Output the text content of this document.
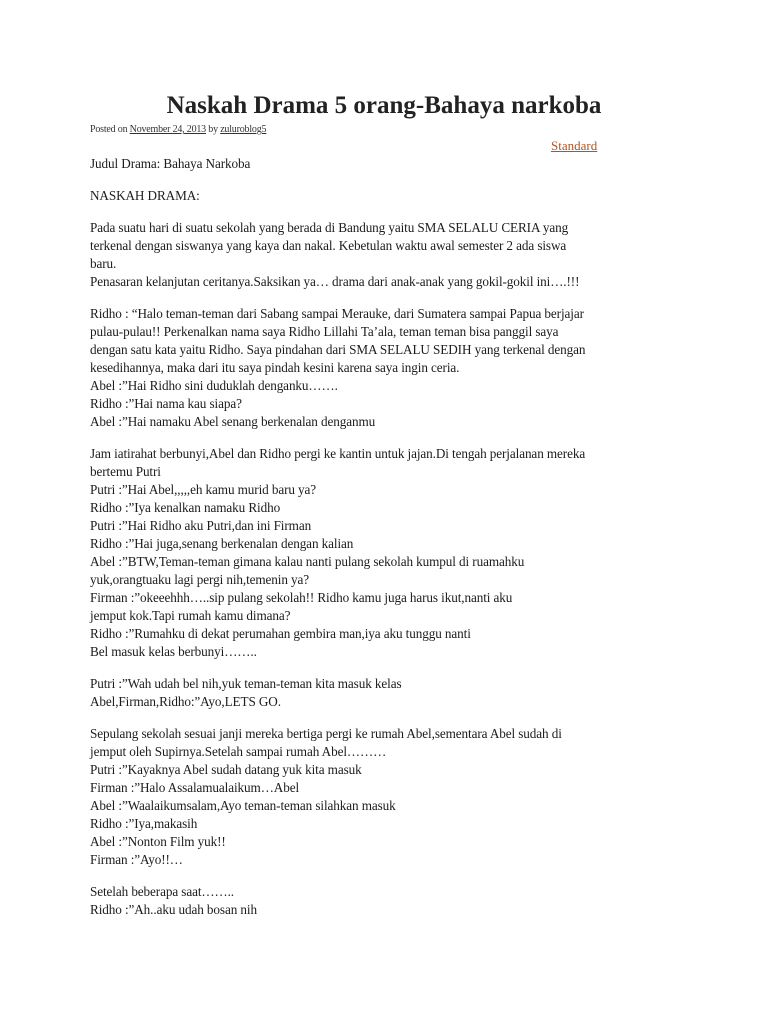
Naskah Drama 5 orang-Bahaya narkoba
Posted on November 24, 2013 by zuluroblog5
Standard

Judul Drama: Bahaya Narkoba

NASKAH DRAMA:

Pada suatu hari di suatu sekolah yang berada di Bandung yaitu SMA SELALU CERIA yang
terkenal dengan siswanya yang kaya dan nakal. Kebetulan waktu awal semester 2 ada siswa
baru.
Penasaran kelanjutan ceritanya.Saksikan ya… drama dari anak-anak yang gokil-gokil ini….!!!

Ridho : “Halo teman-teman dari Sabang sampai Merauke, dari Sumatera sampai Papua berjajar
pulau-pulau!! Perkenalkan nama saya Ridho Lillahi Ta’ala, teman teman bisa panggil saya
dengan satu kata yaitu Ridho. Saya pindahan dari SMA SELALU SEDIH yang terkenal dengan
kesedihannya, maka dari itu saya pindah kesini karena saya ingin ceria.
Abel :”Hai Ridho sini duduklah denganku…….
Ridho :”Hai nama kau siapa?
Abel :”Hai namaku Abel senang berkenalan denganmu

Jam iatirahat berbunyi,Abel dan Ridho pergi ke kantin untuk jajan.Di tengah perjalanan mereka
bertemu Putri
Putri :”Hai Abel,,,,,eh kamu murid baru ya?
Ridho :”Iya kenalkan namaku Ridho
Putri :”Hai Ridho aku Putri,dan ini Firman
Ridho :”Hai juga,senang berkenalan dengan kalian
Abel :”BTW,Teman-teman gimana kalau nanti pulang sekolah kumpul di ruamahku
yuk,orangtuaku lagi pergi nih,temenin ya?
Firman :”okeeehhh…..sip pulang sekolah!! Ridho kamu juga harus ikut,nanti aku
jemput kok.Tapi rumah kamu dimana?
Ridho :”Rumahku di dekat perumahan gembira man,iya aku tunggu nanti
Bel masuk kelas berbunyi……..

Putri :”Wah udah bel nih,yuk teman-teman kita masuk kelas
Abel,Firman,Ridho:”Ayo,LETS GO.

Sepulang sekolah sesuai janji mereka bertiga pergi ke rumah Abel,sementara Abel sudah di
jemput oleh Supirnya.Setelah sampai rumah Abel………
Putri :”Kayaknya Abel sudah datang yuk kita masuk
Firman :”Halo Assalamualaikum…Abel
Abel :”Waalaikumsalam,Ayo teman-teman silahkan masuk
Ridho :”Iya,makasih
Abel :”Nonton Film yuk!!
Firman :”Ayo!!…

Setelah beberapa saat……..
Ridho :”Ah..aku udah bosan nih
